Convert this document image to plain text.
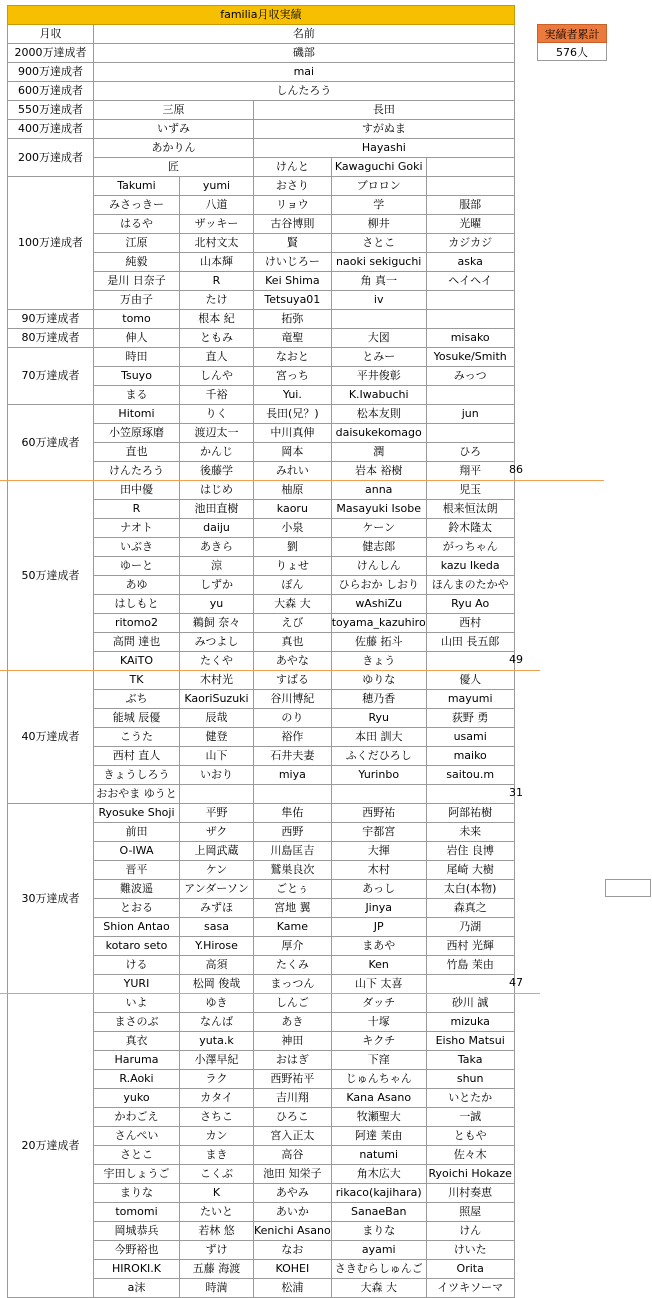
familia月収実績					
月収	名前				
2000万達成者	磯部				
900万達成者	mai				
600万達成者	しんたろう				
550万達成者	三原		長田		
400万達成者	いずみ		すがぬま		
200万達成者	あかりん		Hayashi		
	匠		けんと	Kawaguchi Goki	
100万達成者	Takumi	yumi	おさり	ブロロン	
	みさっきー	八道	リョウ	学	服部
	はるや	ザッキー	古谷博則	柳井	光曜
	江原	北村文太	賢	さとこ	カジカジ
	純毅	山本輝	けいじろー	naoki sekiguchi	aska
	是川 日奈子	R	Kei Shima	角 真一	ヘイヘイ
	万由子	たけ	Tetsuya01	iv	
90万達成者	tomo	根本 紀	拓弥		
80万達成者	伸人	ともみ	竜聖	大図	misako
70万達成者	時田	直人	なおと	とみー	Yosuke/Smith
	Tsuyo	しんや	宮っち	平井俊彰	みっつ
	まる	千裕	Yui.	K.Iwabuchi	
60万達成者	Hitomi	りく	長田(兄？)	松本友則	jun
	小笠原琢磨	渡辺太一	中川真伸	daisukekomago	
	直也	かんじ	岡本	潤	ひろ
	けんたろう	後藤学	みれい	岩本 裕樹	翔平
50万達成者	田中優	はじめ	柚原	anna	児玉
	R	池田直樹	kaoru	Masayuki Isobe	根来恒汰朗
	ナオト	daiju	小泉	ケーン	鈴木隆太
	いぶき	あきら	劉	健志郎	がっちゃん
	ゆーと	涼	りょせ	けんしん	kazu Ikeda
	あゆ	しずか	ぽん	ひらおか しおり	ほんまのたかや
	はしもと	yu	大森 大	wAshiZu	Ryu Ao
	ritomo2	鵜飼 奈々	えび	toyama_kazuhiro	西村
	高問 達也	みつよし	真也	佐藤 拓斗	山田 長五郎
	KAiTO	たくや	あやな	きょう	
40万達成者	TK	木村光	すばる	ゆりな	優人
	ぶち	KaoriSuzuki	谷川博紀	穂乃香	mayumi
	能城 辰優	辰哉	のり	Ryu	荻野 勇
	こうた	健登	裕作	本田 訓大	usami
	西村 直人	山下	石井夫妻	ふくだひろし	maiko
	きょうしろう	いおり	miya	Yurinbo	saitou.m
	おおやま ゆうと				
30万達成者	Ryosuke Shoji	平野	隼佑	西野祐	阿部祐樹
	前田	ザク	西野	宇都宮	未来
	O-IWA	上岡武蔵	川島匡吉	大揮	岩住 良博
	晋平	ケン	鷲巣良次	木村	尾崎 大樹
	難波遥	アンダーソン	ごとぅ	あっし	太白(本物)
	とおる	みずほ	宮地 翼	Jinya	森真之
	Shion Antao	sasa	Kame	JP	乃湖
	kotaro seto	Y.Hirose	厚介	まあや	西村 光輝
	ける	高須	たくみ	Ken	竹島 茉由
	YURI	松岡 俊哉	まっつん	山下 太喜	
20万達成者	いよ	ゆき	しんご	ダッチ	砂川 誠
	まさのぶ	なんば	あき	十塚	mizuka
	真衣	yuta.k	神田	キクチ	Eisho Matsui
	Haruma	小澤早紀	おはぎ	下窪	Taka
	R.Aoki	ラク	西野祐平	じゅんちゃん	shun
	yuko	カタイ	吉川翔	Kana Asano	いとたか
	かわごえ	さちこ	ひろこ	牧瀬聖大	一誠
	さんぺい	カン	宮入正太	阿達 茉由	ともや
	さとこ	まき	高谷	natumi	佐々木
	宇田しょうご	こくぶ	池田 知栄子	角木広大	Ryoichi Hokaze
	まりな	K	あやみ	rikaco(kajihara)	川村奏恵
	tomomi	たいと	あいか	SanaeBan	照屋
	岡城恭兵	若林 悠	Kenichi Asano	まりな	けん
	今野裕也	ずけ	なお	ayami	けいた
	HIROKI.K	五藤 海渡	KOHEI	さきむらしゅんご	Orita
	a沫	時満	松浦	大森 大	イツキソーマ
86
49
31
47
実績者累計
576人
